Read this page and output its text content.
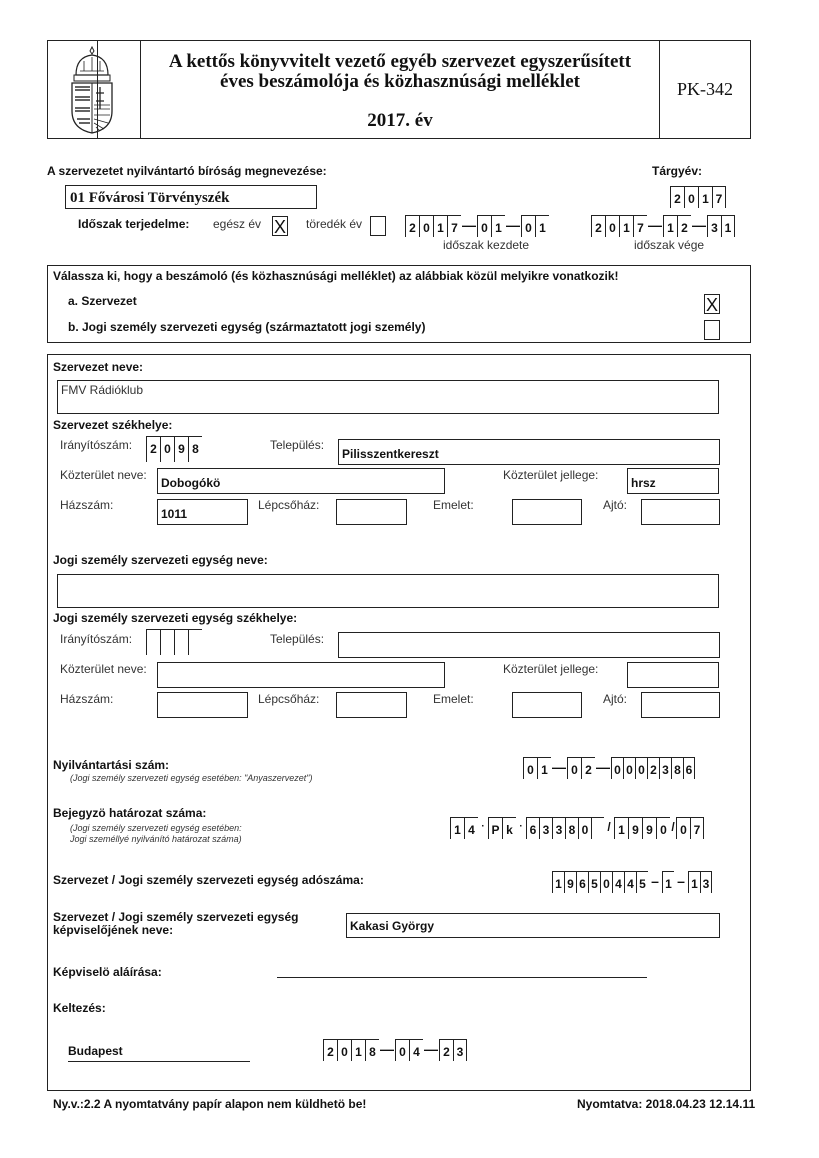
A kettős könyvvitelt vezető egyéb szervezet egyszerűsített
éves beszámolója és közhasznúsági melléklet
2017. év
PK-342
A szervezetet nyilvántartó bíróság megnevezése:	Tárgyév:
01 Fővárosi Törvényszék	2 0 1 7
Időszak terjedelme: egész év X töredék év	2 0 1 7 — 0 1 — 0 1
időszak kezdete
2 0 1 7 — 1 2 — 3 1
időszak vége
Válassza ki, hogy a beszámoló (és közhasznúsági melléklet) az alábbiak közül melyikre vonatkozik!
a. Szervezet	X
b. Jogi személy szervezeti egység (származtatott jogi személy)
Szervezet neve:
FMV Rádióklub
Szervezet székhelye:
Irányítószám:	2 0 9 8	Település:
Pilisszentkereszt
Közterület neve:
Dobogókö
Közterület jellege:
hrsz
Házszám:
1011
Lépcsőház:	Emelet:	Ajtó:
Jogi személy szervezeti egység neve:
Jogi személy szervezeti egység székhelye:
Irányítószám:	Település:
Közterület neve:	Közterület jellege:
Házszám:	Lépcsőház:	Emelet:	Ajtó:
Nyilvántartási szám:
(Jogi személy szervezeti egység esetében: "Anyaszervezet")
0 1 — 0 2 — 0 0 0 2 3 8 6
Bejegyzö határozat száma:
(Jogi személy szervezeti egység esetében:
Jogi személlyé nyilvánító határozat száma)
1 4 · P k · 6 3 3 8 0 / 1 9 9 0 / 0 7
Szervezet / Jogi személy szervezeti egység adószáma:	1 9 6 5 0 4 4 5 – 1 – 1 3
Szervezet / Jogi személy szervezeti egység
képviselőjének neve:	Kakasi György
Képviselö aláírása:
Keltezés:
Budapest	2 0 1 8 — 0 4 — 2 3
Ny.v.:2.2 A nyomtatvány papír alapon nem küldhetö be!	Nyomtatva: 2018.04.23 12.14.11
